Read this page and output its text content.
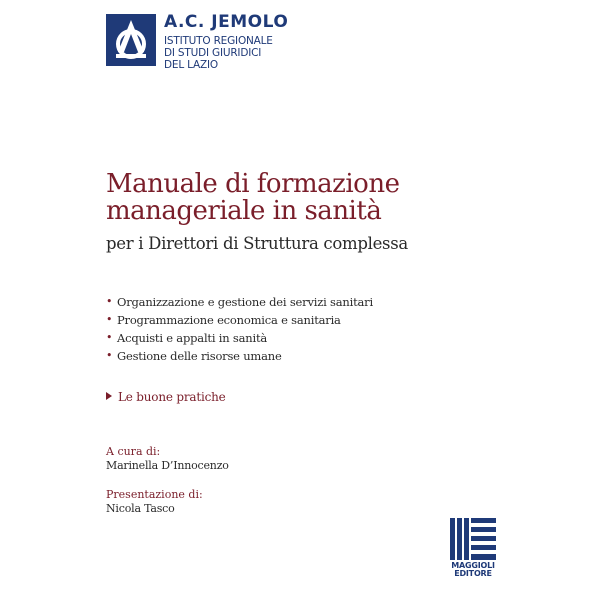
A.C. JEMOLO
ISTITUTO REGIONALE
DI STUDI GIURIDICI
DEL LAZIO
Manuale di formazione
manageriale in sanità
per i Direttori di Struttura complessa
• Organizzazione e gestione dei servizi sanitari
• Programmazione economica e sanitaria
• Acquisti e appalti in sanità
• Gestione delle risorse umane
Le buone pratiche
A cura di:
Marinella D’Innocenzo
Presentazione di:
Nicola Tasco
MAGGIOLI
EDITORE
